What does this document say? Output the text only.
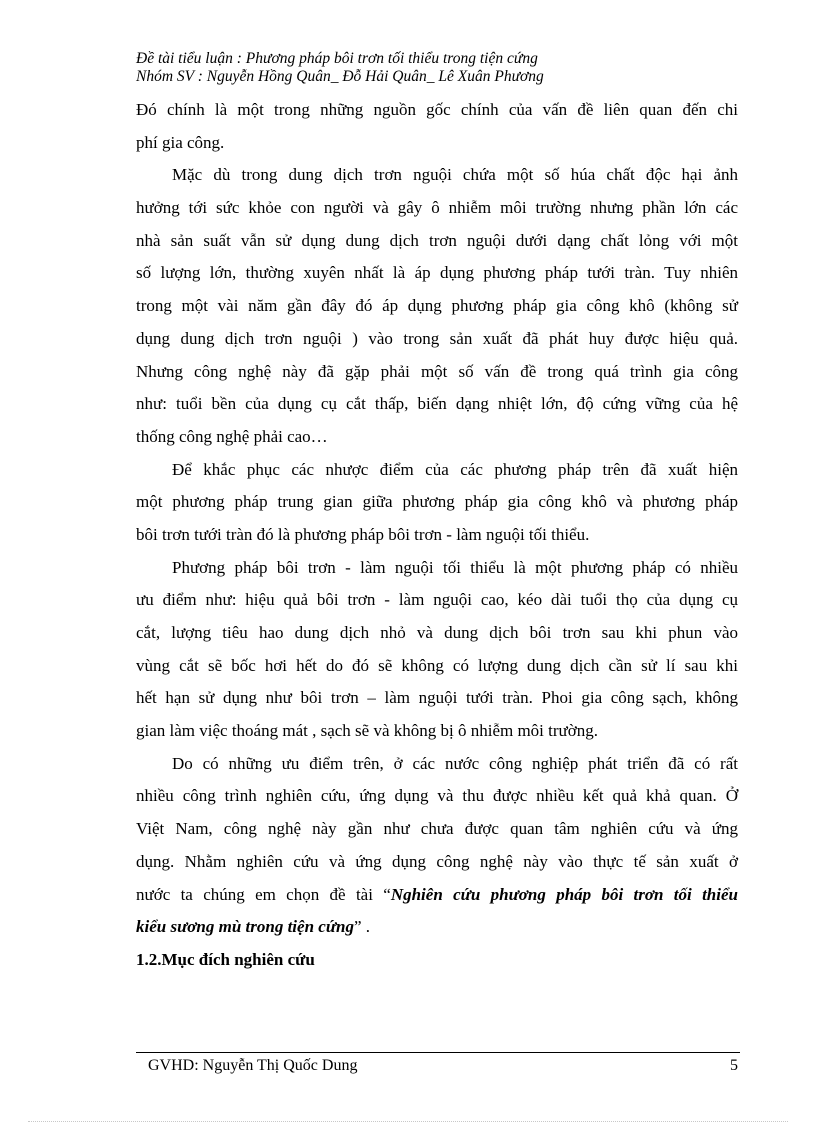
Đề tài tiểu luận : Phương pháp bôi trơn tối thiểu trong tiện cứng
Nhóm SV : Nguyễn Hồng Quân_ Đỗ Hải Quân_ Lê Xuân Phương
Đó chính là một trong những nguồn gốc chính của vấn đề liên quan đến chi
phí gia công.
Mặc dù trong dung dịch trơn nguội chứa một số húa chất độc hại ảnh
hưởng tới sức khỏe con người và gây ô nhiễm môi trường nhưng phần lớn các
nhà sản suất vẫn sử dụng dung dịch trơn nguội dưới dạng chất lỏng với một
số lượng lớn, thường xuyên nhất là áp dụng phương pháp tưới tràn. Tuy nhiên
trong một vài năm gần đây đó áp dụng phương pháp gia công khô (không sử
dụng dung dịch trơn nguội ) vào trong sản xuất đã phát huy được hiệu quả.
Nhưng công nghệ này đã gặp phải một số vấn đề trong quá trình gia công
như: tuổi bền của dụng cụ cắt thấp, biến dạng nhiệt lớn, độ cứng vững của hệ
thống công nghệ phải cao…
Để khắc phục các nhược điểm của các phương pháp trên đã xuất hiện
một phương pháp trung gian giữa phương pháp gia công khô và phương pháp
bôi trơn tưới tràn đó là phương pháp bôi trơn - làm nguội tối thiểu.
Phương pháp bôi trơn - làm nguội tối thiểu là một phương pháp có nhiều
ưu điểm như: hiệu quả bôi trơn - làm nguội cao, kéo dài tuổi thọ của dụng cụ
cắt, lượng tiêu hao dung dịch nhỏ và dung dịch bôi trơn sau khi phun vào
vùng cắt sẽ bốc hơi hết do đó sẽ không có lượng dung dịch cần sử lí sau khi
hết hạn sử dụng như bôi trơn – làm nguội tưới tràn. Phoi gia công sạch, không
gian làm việc thoáng mát , sạch sẽ và không bị ô nhiễm môi trường.
Do có những ưu điểm trên, ở các nước công nghiệp phát triển đã có rất
nhiều công trình nghiên cứu, ứng dụng và thu được nhiều kết quả khả quan. Ở
Việt Nam, công nghệ này gần như chưa được quan tâm nghiên cứu và ứng
dụng. Nhằm nghiên cứu và ứng dụng công nghệ này vào thực tế sản xuất ở
nước ta chúng em chọn đề tài “Nghiên cứu phương pháp bôi trơn tối thiểu
kiểu sương mù trong tiện cứng” .
1.2.Mục đích nghiên cứu
GVHD: Nguyễn Thị Quốc Dung	5
